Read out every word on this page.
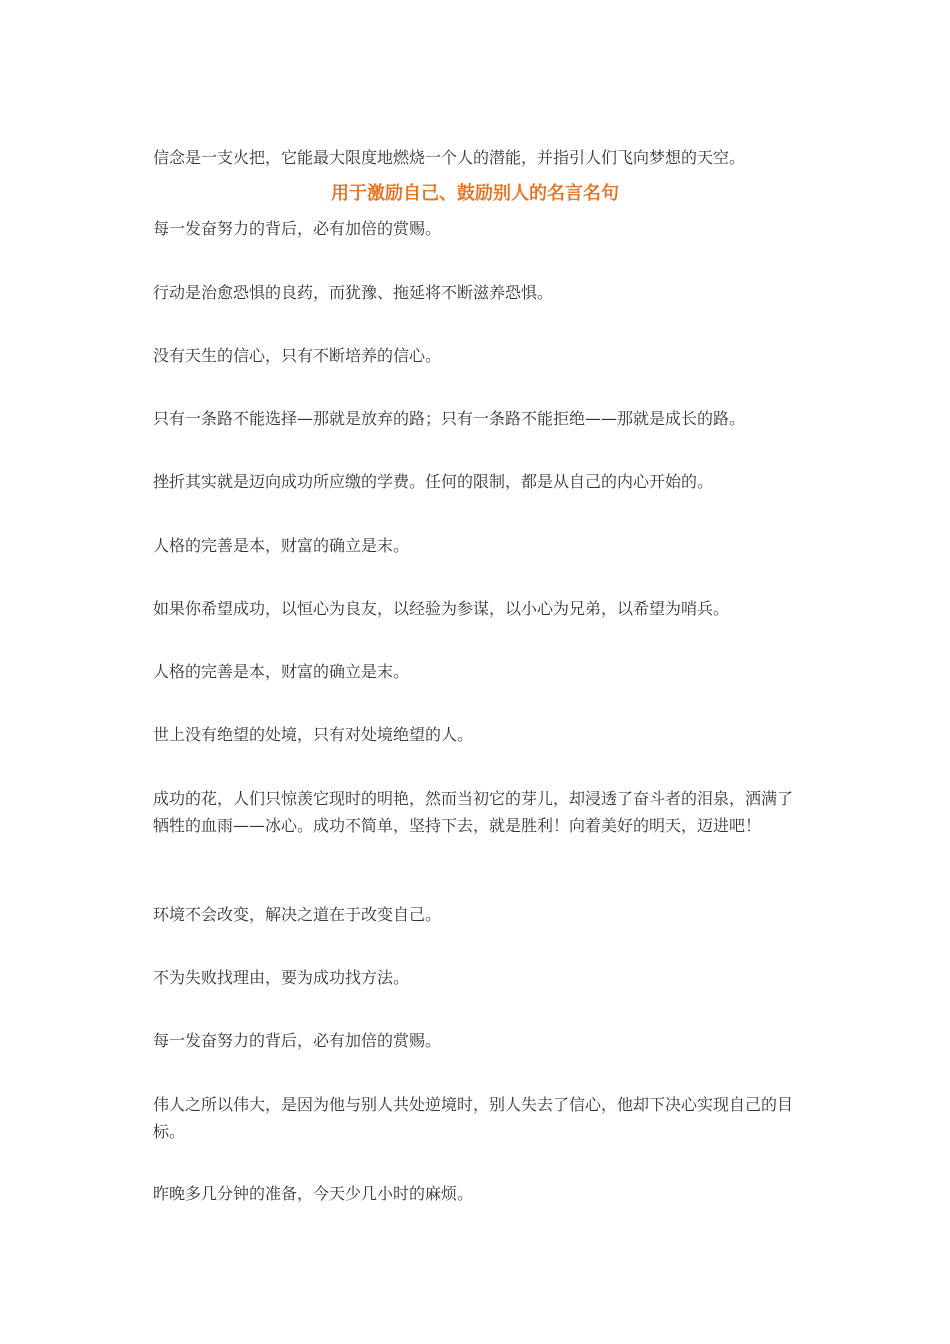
信念是一支火把，它能最大限度地燃烧一个人的潜能，并指引人们飞向梦想的天空。
用于激励自己、鼓励别人的名言名句
每一发奋努力的背后，必有加倍的赏赐。
行动是治愈恐惧的良药，而犹豫、拖延将不断滋养恐惧。
没有天生的信心，只有不断培养的信心。
只有一条路不能选择—那就是放弃的路；只有一条路不能拒绝——那就是成长的路。
挫折其实就是迈向成功所应缴的学费。任何的限制，都是从自己的内心开始的。
人格的完善是本，财富的确立是末。
如果你希望成功，以恒心为良友，以经验为参谋，以小心为兄弟，以希望为哨兵。
人格的完善是本，财富的确立是末。
世上没有绝望的处境，只有对处境绝望的人。
成功的花，人们只惊羡它现时的明艳，然而当初它的芽儿，却浸透了奋斗者的泪泉，洒满了牺牲的血雨——冰心。成功不简单，坚持下去，就是胜利！向着美好的明天，迈进吧！
环境不会改变，解决之道在于改变自己。
不为失败找理由，要为成功找方法。
每一发奋努力的背后，必有加倍的赏赐。
伟人之所以伟大，是因为他与别人共处逆境时，别人失去了信心，他却下决心实现自己的目标。
昨晚多几分钟的准备，今天少几小时的麻烦。
